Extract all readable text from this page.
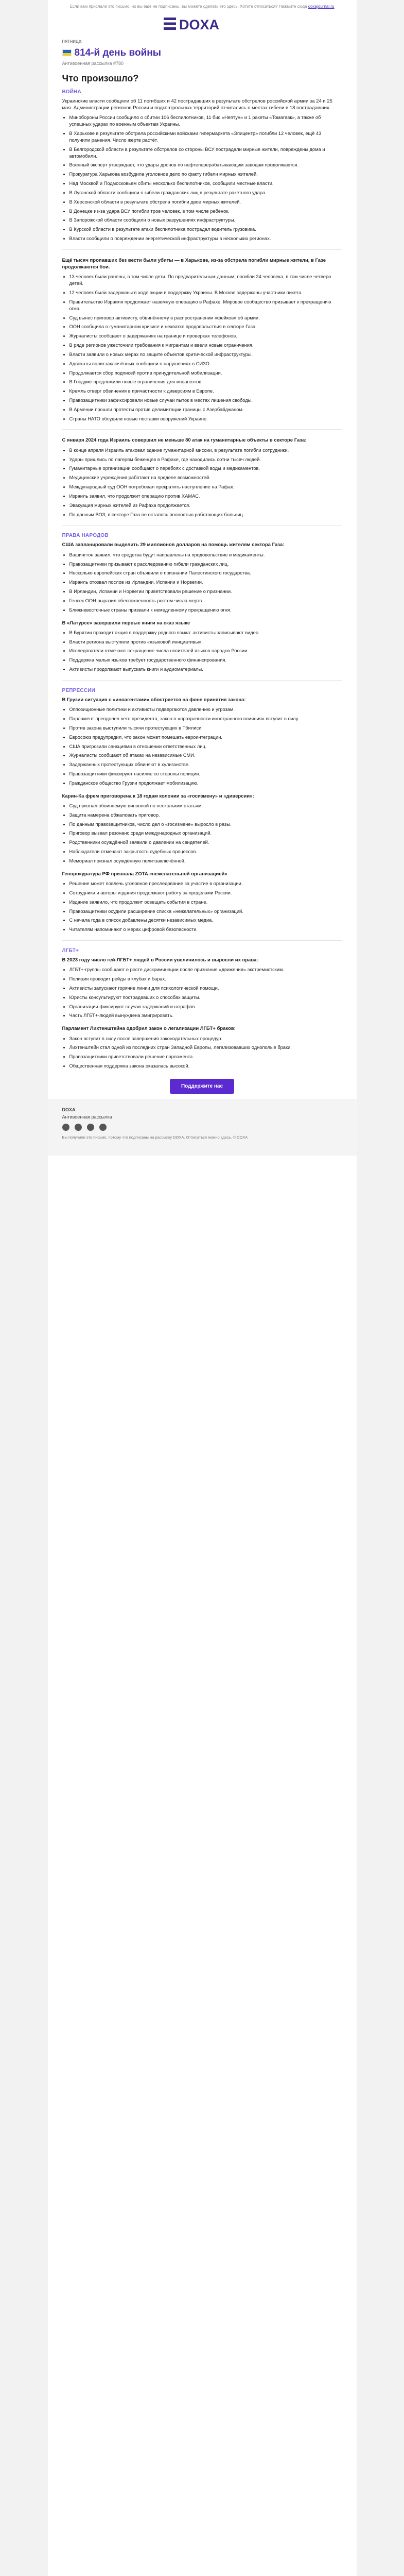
Если вам прислали это письмо, но вы ещё не подписаны, вы можете сделать это здесь. Хотите отписаться? Нажмите сюда doxajournal.ru
DOXA
пятница
814-й день войны
Антивоенная рассылка #780
Что произошло?
ВОЙНА

Украинские власти сообщили об 11 погибших и 42 пострадавших в результате обстрелов российской армии за 24 и 25 мая. Администрации регионов России и подконтрольных территорий отчитались о местах гибели в 18 пострадавших.

• Минобороны России сообщило о сбитии 106 беспилотников, 11 бис «Нептун» и 1 ракеты «Томагавк», а также об успешных ударах по военным объектам Украины.
• В Харькове в результате обстрела российскими войсками гипермаркета «Эпицентр» погибли 12 человек, ещё 43 получили ранения. Число жертв растёт.
• В Белгородской области в результате обстрелов со стороны ВСУ пострадали мирные жители, повреждены дома и автомобили.
• Военный эксперт утверждает, что удары дронов по нефтеперерабатывающим заводам продолжаются.
• Прокуратура Харькова возбудила уголовное дело по факту гибели мирных жителей.
• Над Москвой и Подмосковьем сбиты несколько беспилотников, сообщили местные власти.
• В Луганской области сообщили о гибели гражданских лиц в результате ракетного удара.
• В Херсонской области в результате обстрела погибли двое мирных жителей.
• В Донецке из-за удара ВСУ погибли трое человек, в том числе ребёнок.
• В Запорожской области сообщили о новых разрушениях инфраструктуры.
• В Курской области в результате атаки беспилотника пострадал водитель грузовика.
• Власти сообщили о повреждении энергетической инфраструктуры в нескольких регионах.

Ещё тысяч пропавших без вести были убиты — в Харькове, из-за обстрела погибли мирные жители, в Газе продолжаются бои.

• 13 человек были ранены, в том числе дети. По предварительным данным, погибли 24 человека, в том числе четверо детей.
• 12 человек были задержаны в ходе акции в поддержку Украины. В Москве задержаны участники пикета.
• Правительство Израиля продолжает наземную операцию в Рафахе. Мировое сообщество призывает к прекращению огня.
• Суд вынес приговор активисту, обвинённому в распространении «фейков» об армии.
• ООН сообщила о гуманитарном кризисе и нехватке продовольствия в секторе Газа.
• Журналисты сообщают о задержаниях на границе и проверках телефонов.
• В ряде регионов ужесточили требования к мигрантам и ввели новые ограничения.
• Власти заявили о новых мерах по защите объектов критической инфраструктуры.
• Адвокаты политзаключённых сообщили о нарушениях в СИЗО.
• Продолжается сбор подписей против принудительной мобилизации.
• В Госдуме предложили новые ограничения для иноагентов.
• Кремль отверг обвинения в причастности к диверсиям в Европе.
• Правозащитники зафиксировали новые случаи пыток в местах лишения свободы.
• В Армении прошли протесты против делимитации границы с Азербайджаном.
• Страны НАТО обсудили новые поставки вооружений Украине.

С января 2024 года Израиль совершил не меньше 80 атак на гуманитарные объекты в секторе Газа:

• В конце апреля Израиль атаковал здание гуманитарной миссии, в результате погибли сотрудники.
• Удары пришлись по лагерям беженцев в Рафахе, где находились сотни тысяч людей.
• Гуманитарные организации сообщают о перебоях с доставкой воды и медикаментов.
• Медицинские учреждения работают на пределе возможностей.
• Международный суд ООН потребовал прекратить наступление на Рафах.
• Израиль заявил, что продолжит операцию против ХАМАС.
• Эвакуация мирных жителей из Рафаха продолжается.
• По данным ВОЗ, в секторе Газа не осталось полностью работающих больниц.
ПРАВА НАРОДОВ

США запланировали выделить 29 миллионов долларов на помощь жителям сектора Газа:

• Вашингтон заявил, что средства будут направлены на продовольствие и медикаменты.
• Правозащитники призывают к расследованию гибели гражданских лиц.
• Несколько европейских стран объявили о признании Палестинского государства.
• Израиль отозвал послов из Ирландии, Испании и Норвегии.
• В Ирландии, Испании и Норвегии приветствовали решение о признании.
• Генсек ООН выразил обеспокоенность ростом числа жертв.
• Ближневосточные страны призвали к немедленному прекращению огня.

В «Латурсе» завершили первые книги на сказ языке

• В Бурятии проходит акция в поддержку родного языка: активисты записывают видео.
• Власти региона выступили против «языковой инициативы».
• Исследователи отмечают сокращение числа носителей языков народов России.
• Поддержка малых языков требует государственного финансирования.
• Активисты продолжают выпускать книги и аудиоматериалы.
РЕПРЕССИИ

В Грузии ситуация с «иноагентами» обостряется на фоне принятия закона:

• Оппозиционные политики и активисты подвергаются давлению и угрозам.
• Парламент преодолел вето президента, закон о «прозрачности иностранного влияния» вступит в силу.
• Против закона выступили тысячи протестующих в Тбилиси.
• Евросоюз предупредил, что закон может помешать евроинтеграции.
• США пригрозили санкциями в отношении ответственных лиц.
• Журналисты сообщают об атаках на независимые СМИ.
• Задержанных протестующих обвиняют в хулиганстве.
• Правозащитники фиксируют насилие со стороны полиции.
• Гражданское общество Грузии продолжает мобилизацию.

Карин-Ка фрем приговорена к 18 годам колонии за «госизмену» и «диверсии»:

• Суд признал обвиняемую виновной по нескольким статьям.
• Защита намерена обжаловать приговор.
• По данным правозащитников, число дел о «госизмене» выросло в разы.
• Приговор вызвал резонанс среди международных организаций.
• Родственники осуждённой заявили о давлении на свидетелей.
• Наблюдатели отмечают закрытость судебных процессов.
• Мемориал признал осуждённую политзаключённой.

Генпрокуратура РФ признала ZOTA «нежелательной организацией»

• Решение может повлечь уголовное преследование за участие в организации.
• Сотрудники и авторы издания продолжают работу за пределами России.
• Издание заявило, что продолжит освещать события в стране.
• Правозащитники осудили расширение списка «нежелательных» организаций.
• С начала года в список добавлены десятки независимых медиа.
• Читателям напоминают о мерах цифровой безопасности.
ЛГБТ+

В 2023 году число гей-ЛГБТ+ людей в России увеличилось и выросли их права:

• ЛГБТ+-группы сообщают о росте дискриминации после признания «движения» экстремистским.
• Полиция проводит рейды в клубах и барах.
• Активисты запускают горячие линии для психологической помощи.
• Юристы консультируют пострадавших о способах защиты.
• Организации фиксируют случаи задержаний и штрафов.
• Часть ЛГБТ+-людей вынуждена эмигрировать.

Парламент Лихтенштейна одобрил закон о легализации ЛГБТ+ браков:

• Закон вступит в силу после завершения законодательных процедур.
• Лихтенштейн стал одной из последних стран Западной Европы, легализовавших однополые браки.
• Правозащитники приветствовали решение парламента.
• Общественная поддержка закона оказалась высокой.
Поддержите нас
DOXA
Антивоенная рассылка
Вы получили это письмо, потому что подписаны на рассылку DOXA. Отписаться можно здесь. © DOXA
